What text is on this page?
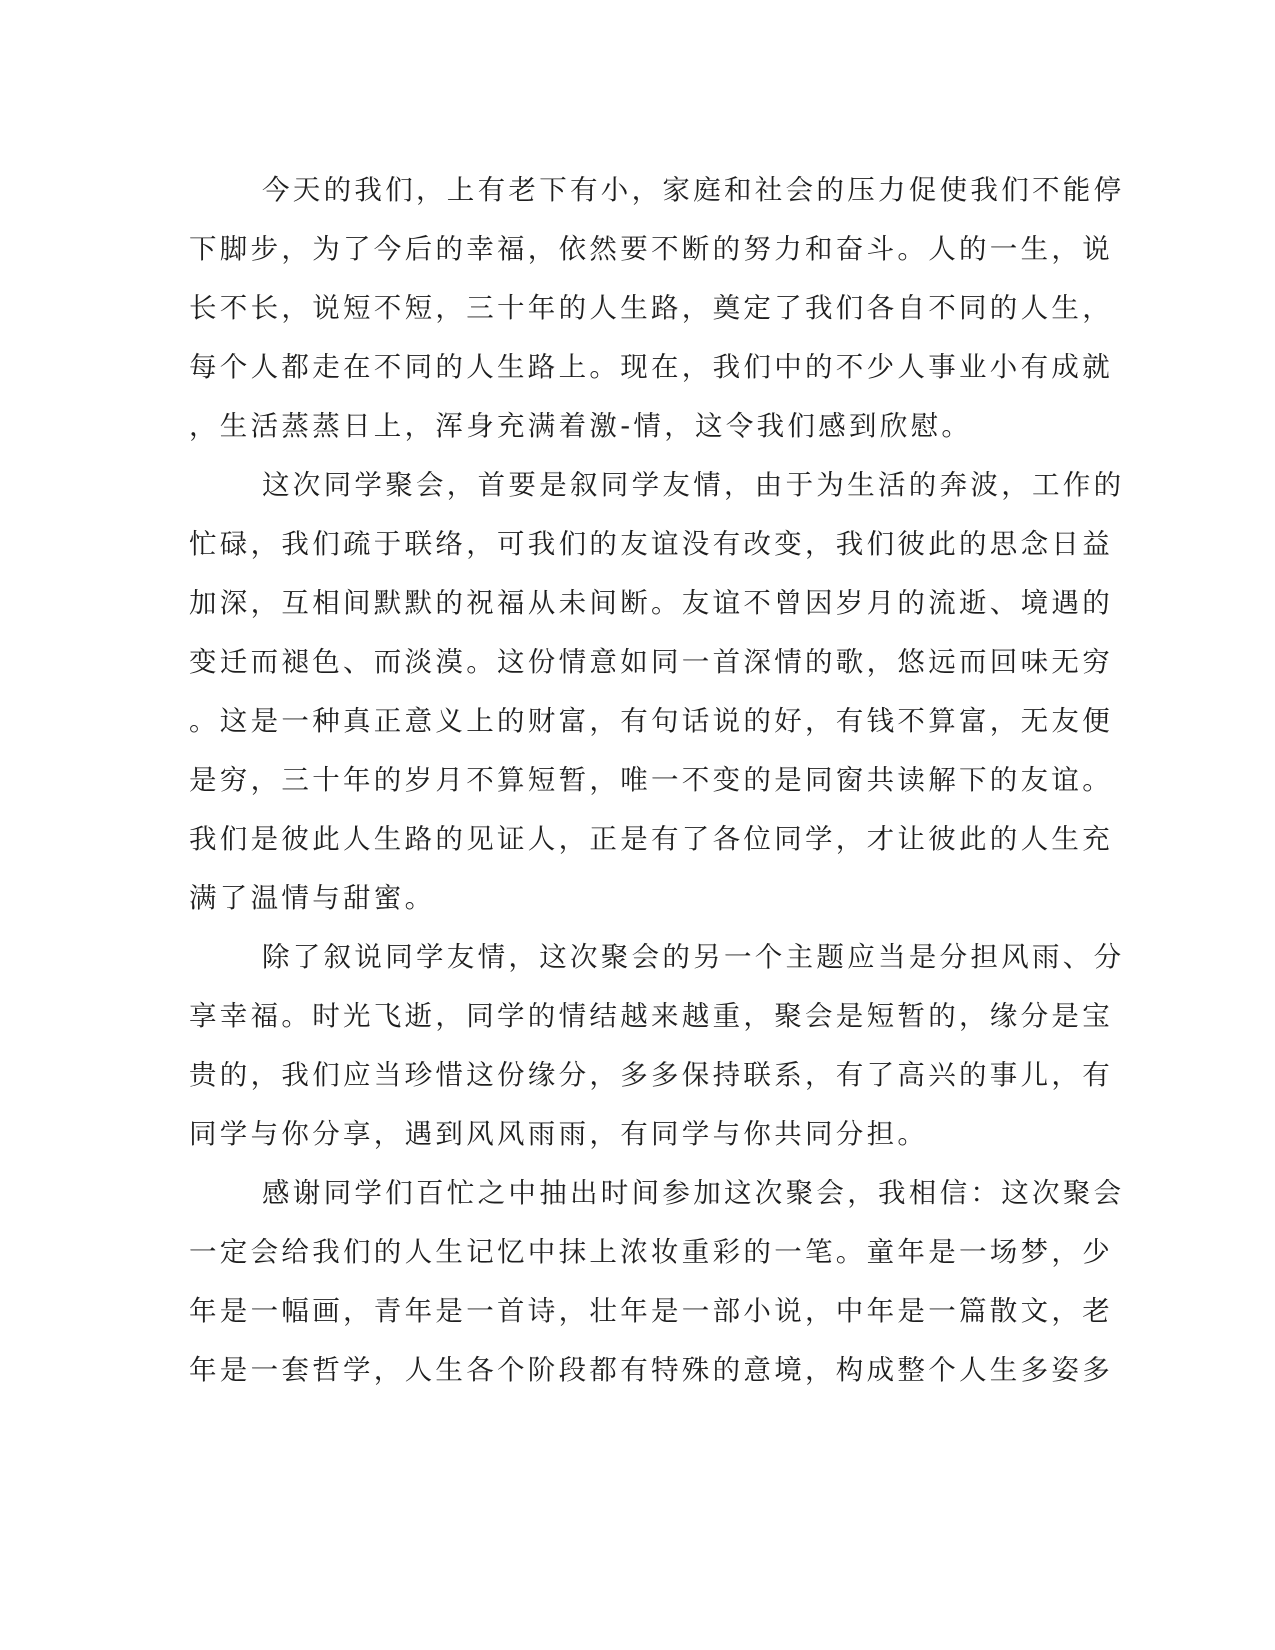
今天的我们，上有老下有小，家庭和社会的压力促使我们不能停
下脚步，为了今后的幸福，依然要不断的努力和奋斗。人的一生，说
长不长，说短不短，三十年的人生路，奠定了我们各自不同的人生，
每个人都走在不同的人生路上。现在，我们中的不少人事业小有成就
，生活蒸蒸日上，浑身充满着激-情，这令我们感到欣慰。
这次同学聚会，首要是叙同学友情，由于为生活的奔波，工作的
忙碌，我们疏于联络，可我们的友谊没有改变，我们彼此的思念日益
加深，互相间默默的祝福从未间断。友谊不曾因岁月的流逝、境遇的
变迁而褪色、而淡漠。这份情意如同一首深情的歌，悠远而回味无穷
。这是一种真正意义上的财富，有句话说的好，有钱不算富，无友便
是穷，三十年的岁月不算短暂，唯一不变的是同窗共读解下的友谊。
我们是彼此人生路的见证人，正是有了各位同学，才让彼此的人生充
满了温情与甜蜜。
除了叙说同学友情，这次聚会的另一个主题应当是分担风雨、分
享幸福。时光飞逝，同学的情结越来越重，聚会是短暂的，缘分是宝
贵的，我们应当珍惜这份缘分，多多保持联系，有了高兴的事儿，有
同学与你分享，遇到风风雨雨，有同学与你共同分担。
感谢同学们百忙之中抽出时间参加这次聚会，我相信：这次聚会
一定会给我们的人生记忆中抹上浓妆重彩的一笔。童年是一场梦，少
年是一幅画，青年是一首诗，壮年是一部小说，中年是一篇散文，老
年是一套哲学，人生各个阶段都有特殊的意境，构成整个人生多姿多
